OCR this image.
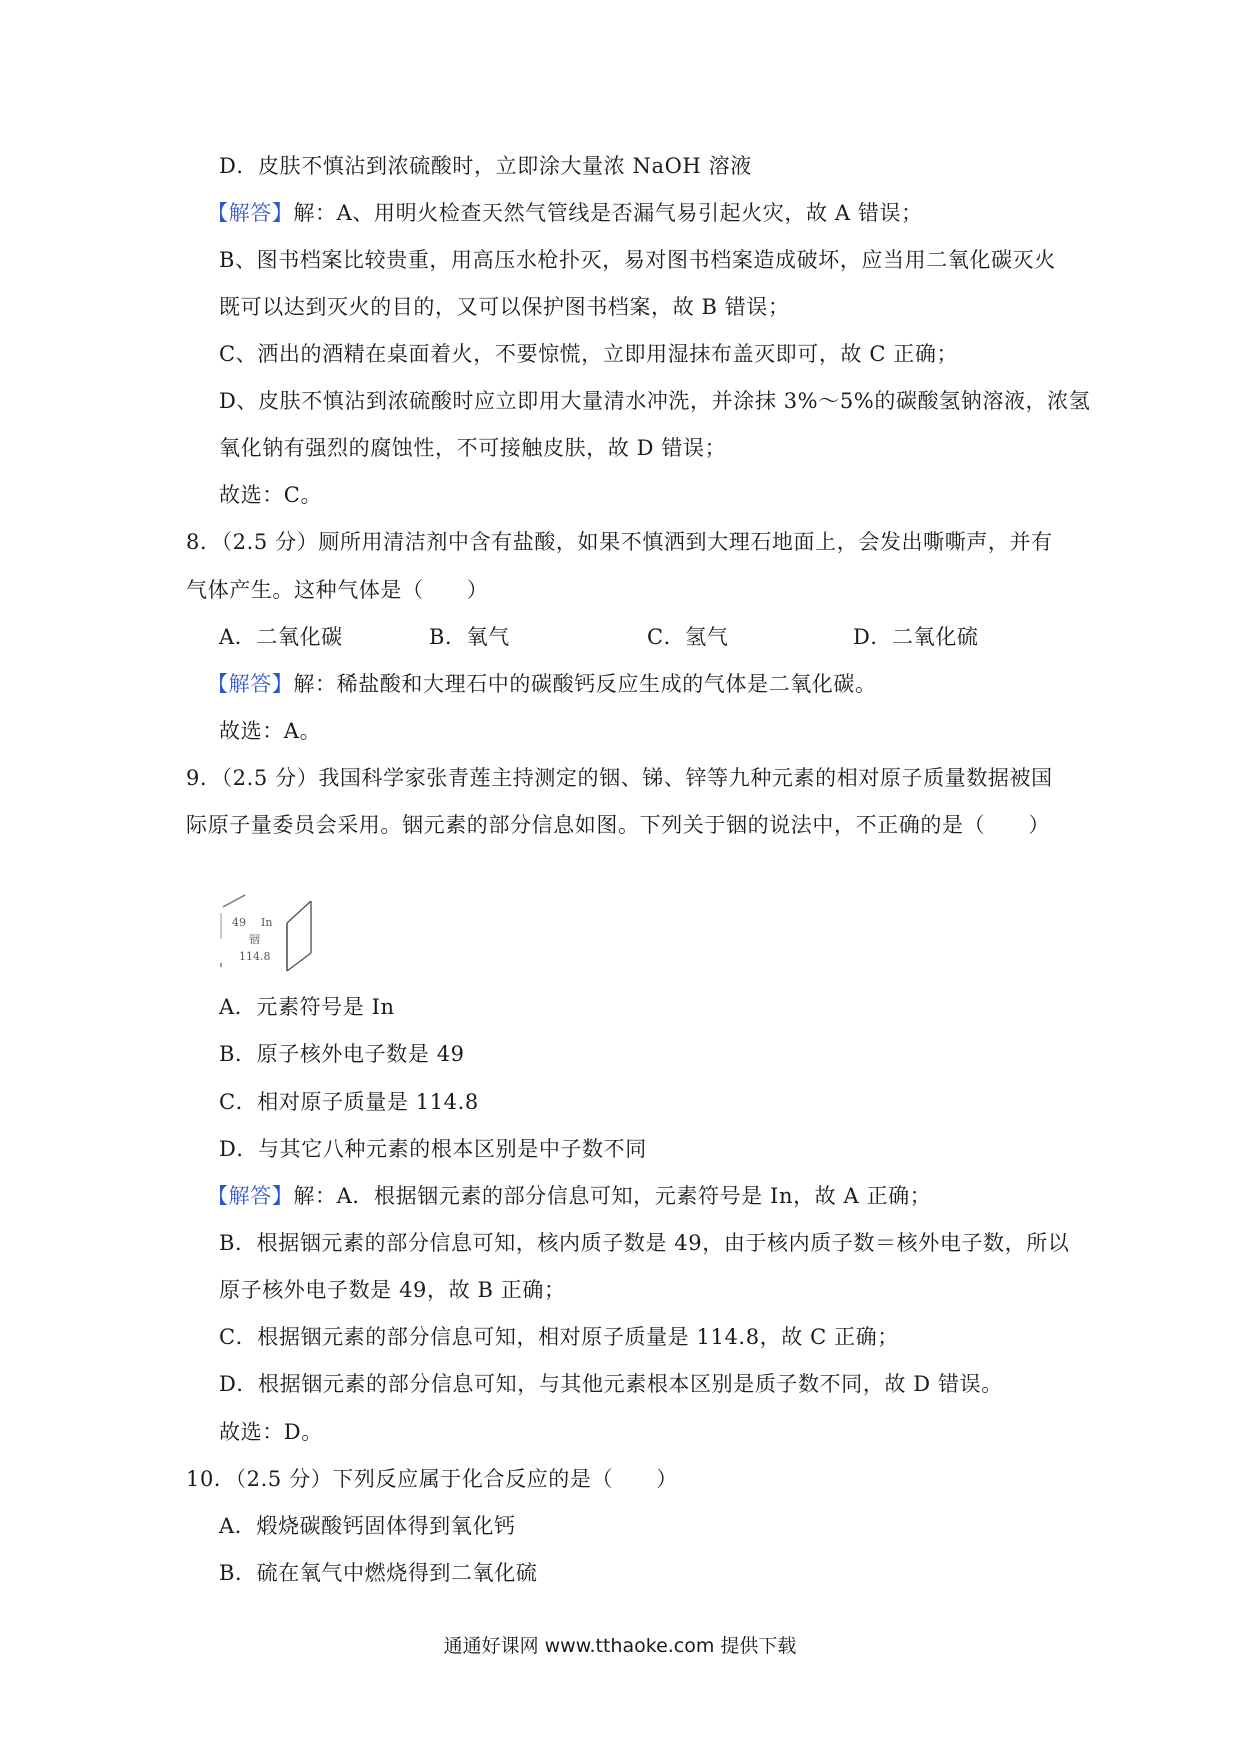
D．皮肤不慎沾到浓硫酸时，立即涂大量浓 NaOH 溶液
【解答】解：A、用明火检查天然气管线是否漏气易引起火灾，故 A 错误；
B、图书档案比较贵重，用高压水枪扑灭，易对图书档案造成破坏，应当用二氧化碳灭火
既可以达到灭火的目的，又可以保护图书档案，故 B 错误；
C、洒出的酒精在桌面着火，不要惊慌，立即用湿抹布盖灭即可，故 C 正确；
D、皮肤不慎沾到浓硫酸时应立即用大量清水冲洗，并涂抹 3%～5%的碳酸氢钠溶液，浓氢
氧化钠有强烈的腐蚀性，不可接触皮肤，故 D 错误；
故选：C。
8．（2.5 分）厕所用清洁剂中含有盐酸，如果不慎洒到大理石地面上，会发出嘶嘶声，并有
气体产生。这种气体是（　　）
A．二氧化碳	B．氧气	C．氢气	D．二氧化硫
【解答】解：稀盐酸和大理石中的碳酸钙反应生成的气体是二氧化碳。
故选：A。
9．（2.5 分）我国科学家张青莲主持测定的铟、锑、锌等九种元素的相对原子质量数据被国
际原子量委员会采用。铟元素的部分信息如图。下列关于铟的说法中，不正确的是（　　）
49 In
铟
114.8
A．元素符号是 In
B．原子核外电子数是 49
C．相对原子质量是 114.8
D．与其它八种元素的根本区别是中子数不同
【解答】解：A．根据铟元素的部分信息可知，元素符号是 In，故 A 正确；
B．根据铟元素的部分信息可知，核内质子数是 49，由于核内质子数＝核外电子数，所以
原子核外电子数是 49，故 B 正确；
C．根据铟元素的部分信息可知，相对原子质量是 114.8，故 C 正确；
D．根据铟元素的部分信息可知，与其他元素根本区别是质子数不同，故 D 错误。
故选：D。
10．（2.5 分）下列反应属于化合反应的是（　　）
A．煅烧碳酸钙固体得到氧化钙
B．硫在氧气中燃烧得到二氧化硫
通通好课网 www.tthaoke.com 提供下载
